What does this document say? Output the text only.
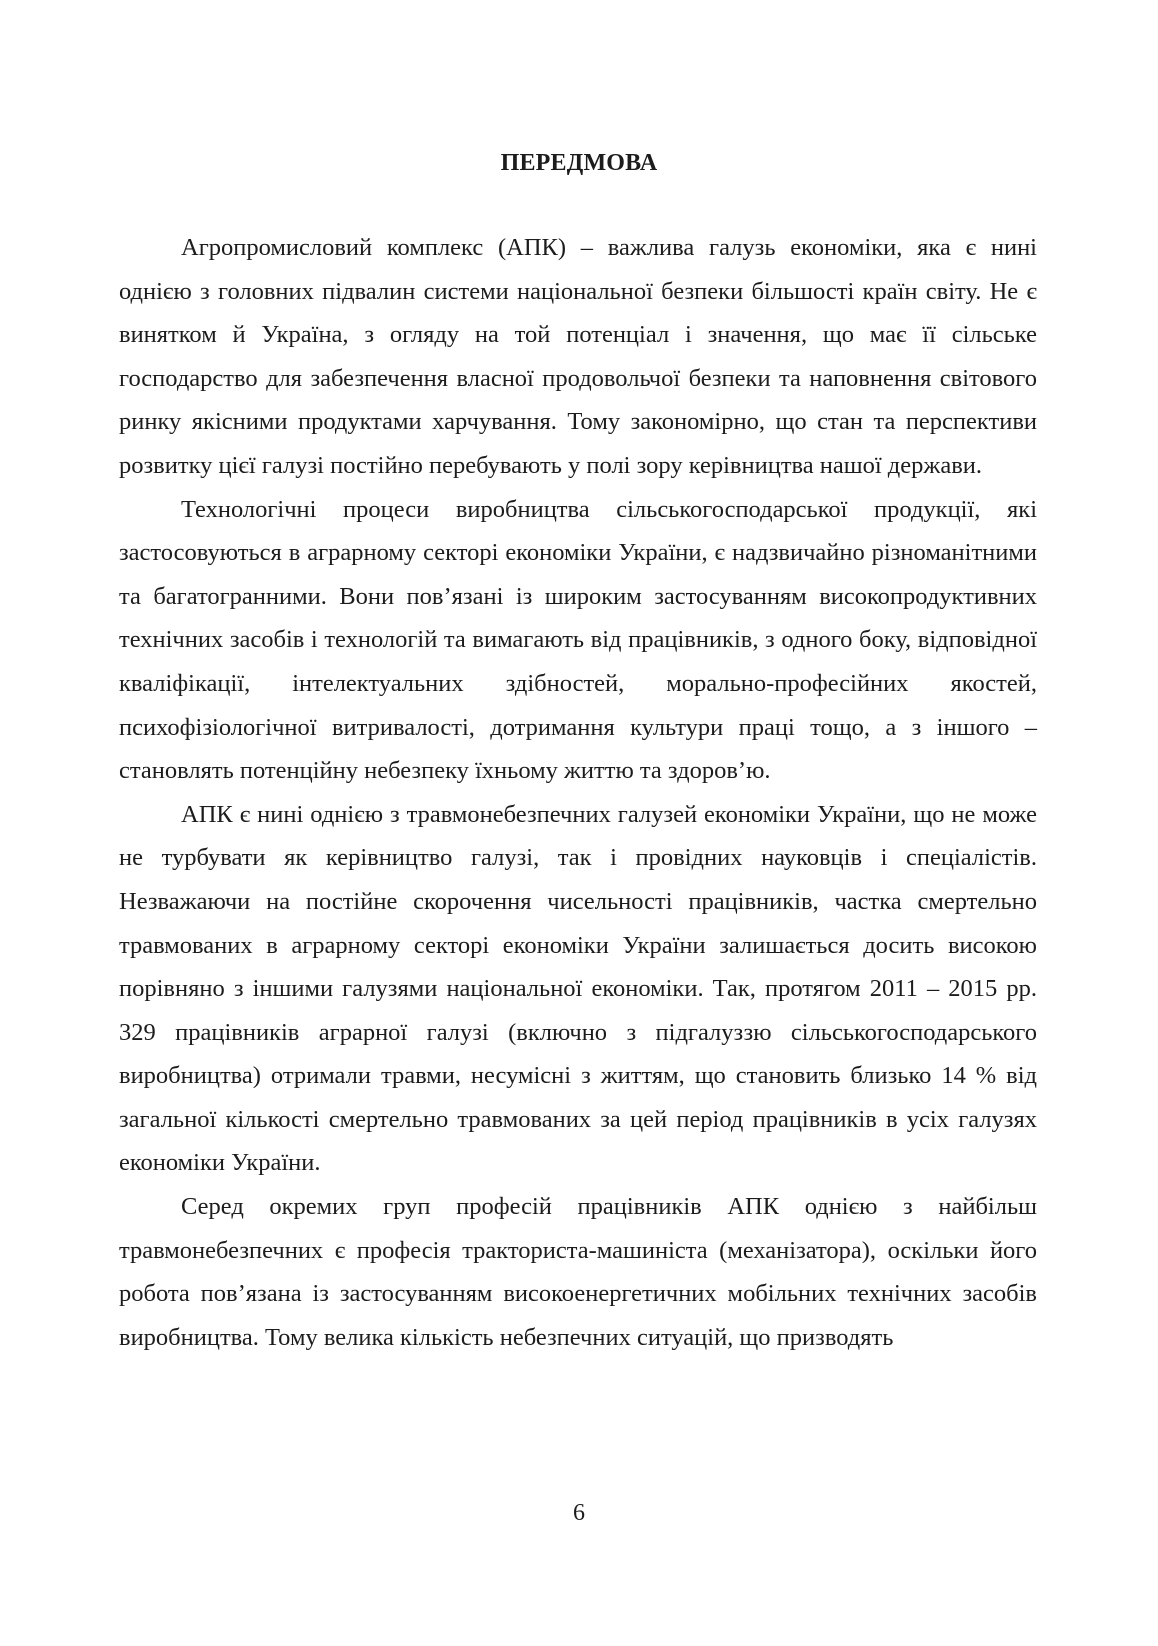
ПЕРЕДМОВА

Агропромисловий комплекс (АПК) – важлива галузь економіки, яка є нині однією з головних підвалин системи національної безпеки більшості країн світу. Не є винятком й Україна, з огляду на той потенціал і значення, що має її сільське господарство для забезпечення власної продовольчої безпеки та наповнення світового ринку якісними продуктами харчування. Тому закономірно, що стан та перспективи розвитку цієї галузі постійно перебувають у полі зору керівництва нашої держави.

Технологічні процеси виробництва сільськогосподарської продукції, які застосовуються в аграрному секторі економіки України, є надзвичайно різноманітними та багатогранними. Вони пов’язані із широким застосуванням високопродуктивних технічних засобів і технологій та вимагають від працівників, з одного боку, відповідної кваліфікації, інтелектуальних здібностей, морально-професійних якостей, психофізіологічної витривалості, дотримання культури праці тощо, а з іншого – становлять потенційну небезпеку їхньому життю та здоров’ю.

АПК є нині однією з травмонебезпечних галузей економіки України, що не може не турбувати як керівництво галузі, так і провідних науковців і спеціалістів. Незважаючи на постійне скорочення чисельності працівників, частка смертельно травмованих в аграрному секторі економіки України залишається досить високою порівняно з іншими галузями національної економіки. Так, протягом 2011 – 2015 рр. 329 працівників аграрної галузі (включно з підгалуззю сільськогосподарського виробництва) отримали травми, несумісні з життям, що становить близько 14 % від загальної кількості смертельно травмованих за цей період працівників в усіх галузях економіки України.

Серед окремих груп професій працівників АПК однією з найбільш травмонебезпечних є професія тракториста-машиніста (механізатора), оскільки його робота пов’язана із застосуванням високоенергетичних мобільних технічних засобів виробництва. Тому велика кількість небезпечних ситуацій, що призводять

6
